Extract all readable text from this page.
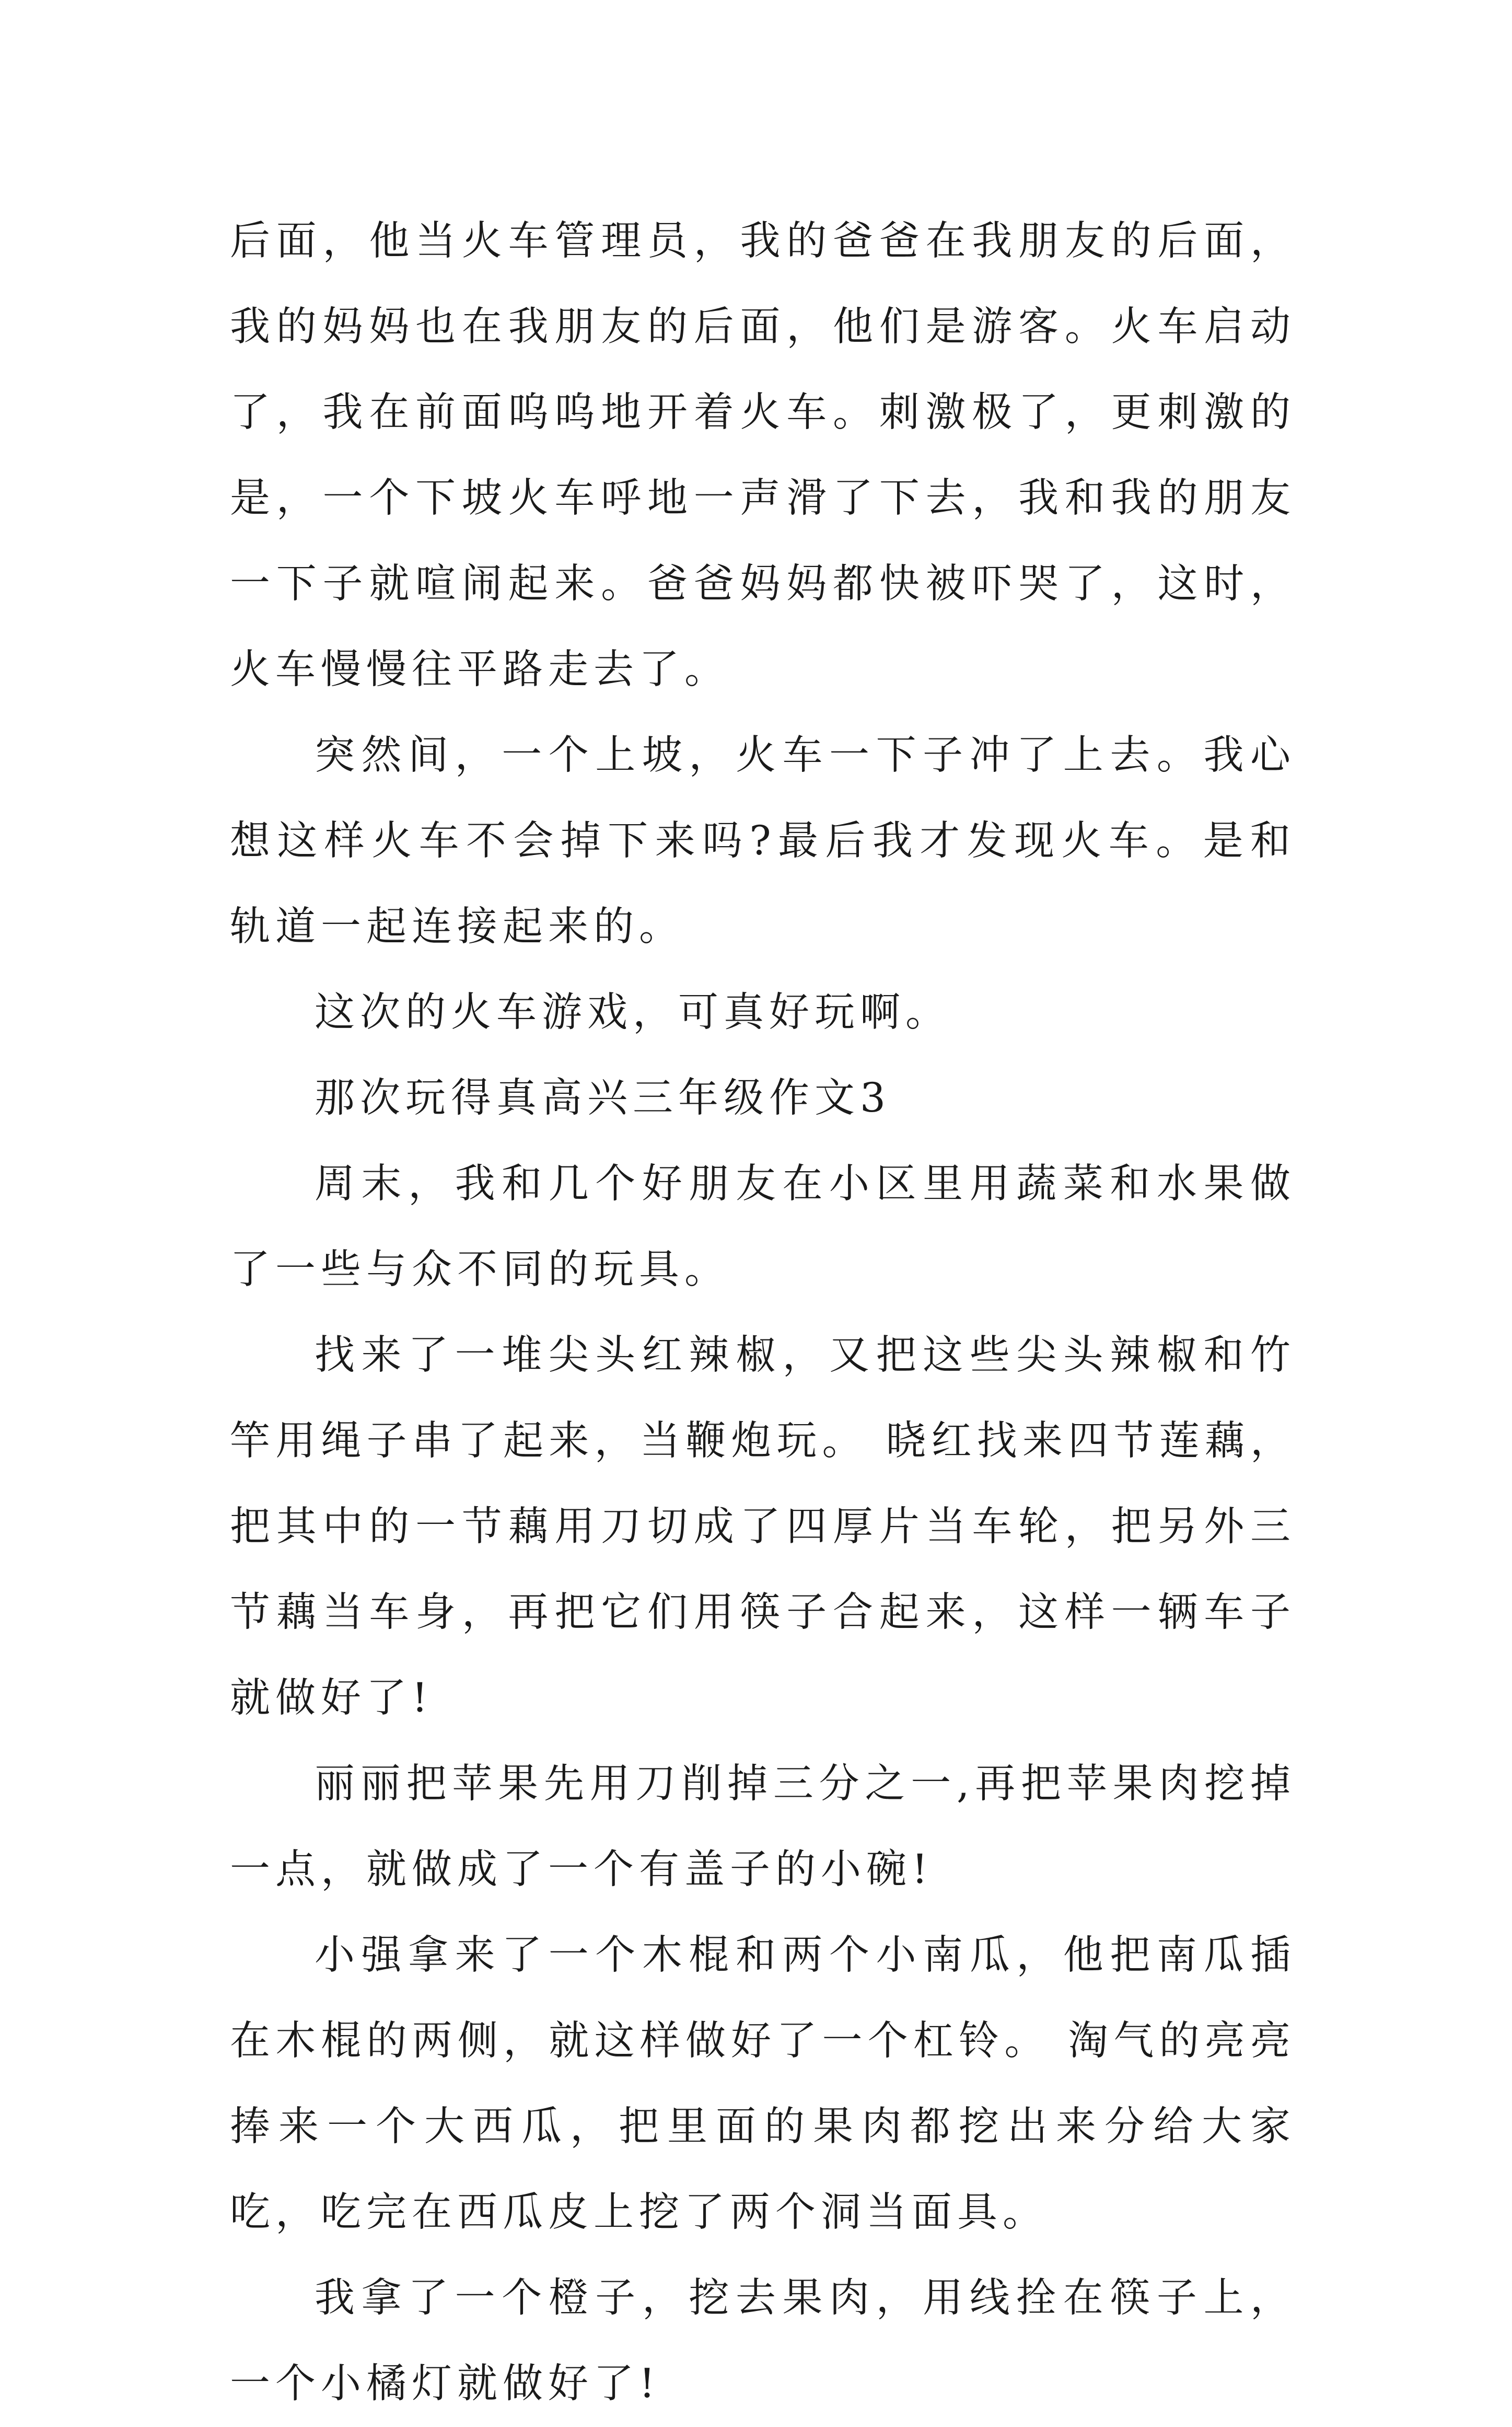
后面，他当火车管理员，我的爸爸在我朋友的后面，我的妈妈也在我朋友的后面，他们是游客。火车启动了，我在前面呜呜地开着火车。刺激极了，更刺激的是，一个下坡火车呼地一声滑了下去，我和我的朋友一下子就喧闹起来。爸爸妈妈都快被吓哭了，这时，火车慢慢往平路走去了。

突然间，一个上坡，火车一下子冲了上去。我心想这样火车不会掉下来吗?最后我才发现火车。是和轨道一起连接起来的。

这次的火车游戏，可真好玩啊。

那次玩得真高兴三年级作文3

周末，我和几个好朋友在小区里用蔬菜和水果做了一些与众不同的玩具。

找来了一堆尖头红辣椒，又把这些尖头辣椒和竹竿用绳子串了起来，当鞭炮玩。 晓红找来四节莲藕，把其中的一节藕用刀切成了四厚片当车轮，把另外三节藕当车身，再把它们用筷子合起来，这样一辆车子就做好了!

丽丽把苹果先用刀削掉三分之一,再把苹果肉挖掉一点，就做成了一个有盖子的小碗!

小强拿来了一个木棍和两个小南瓜，他把南瓜插在木棍的两侧，就这样做好了一个杠铃。 淘气的亮亮捧来一个大西瓜，把里面的果肉都挖出来分给大家吃，吃完在西瓜皮上挖了两个洞当面具。

我拿了一个橙子，挖去果肉，用线拴在筷子上，一个小橘灯就做好了!
